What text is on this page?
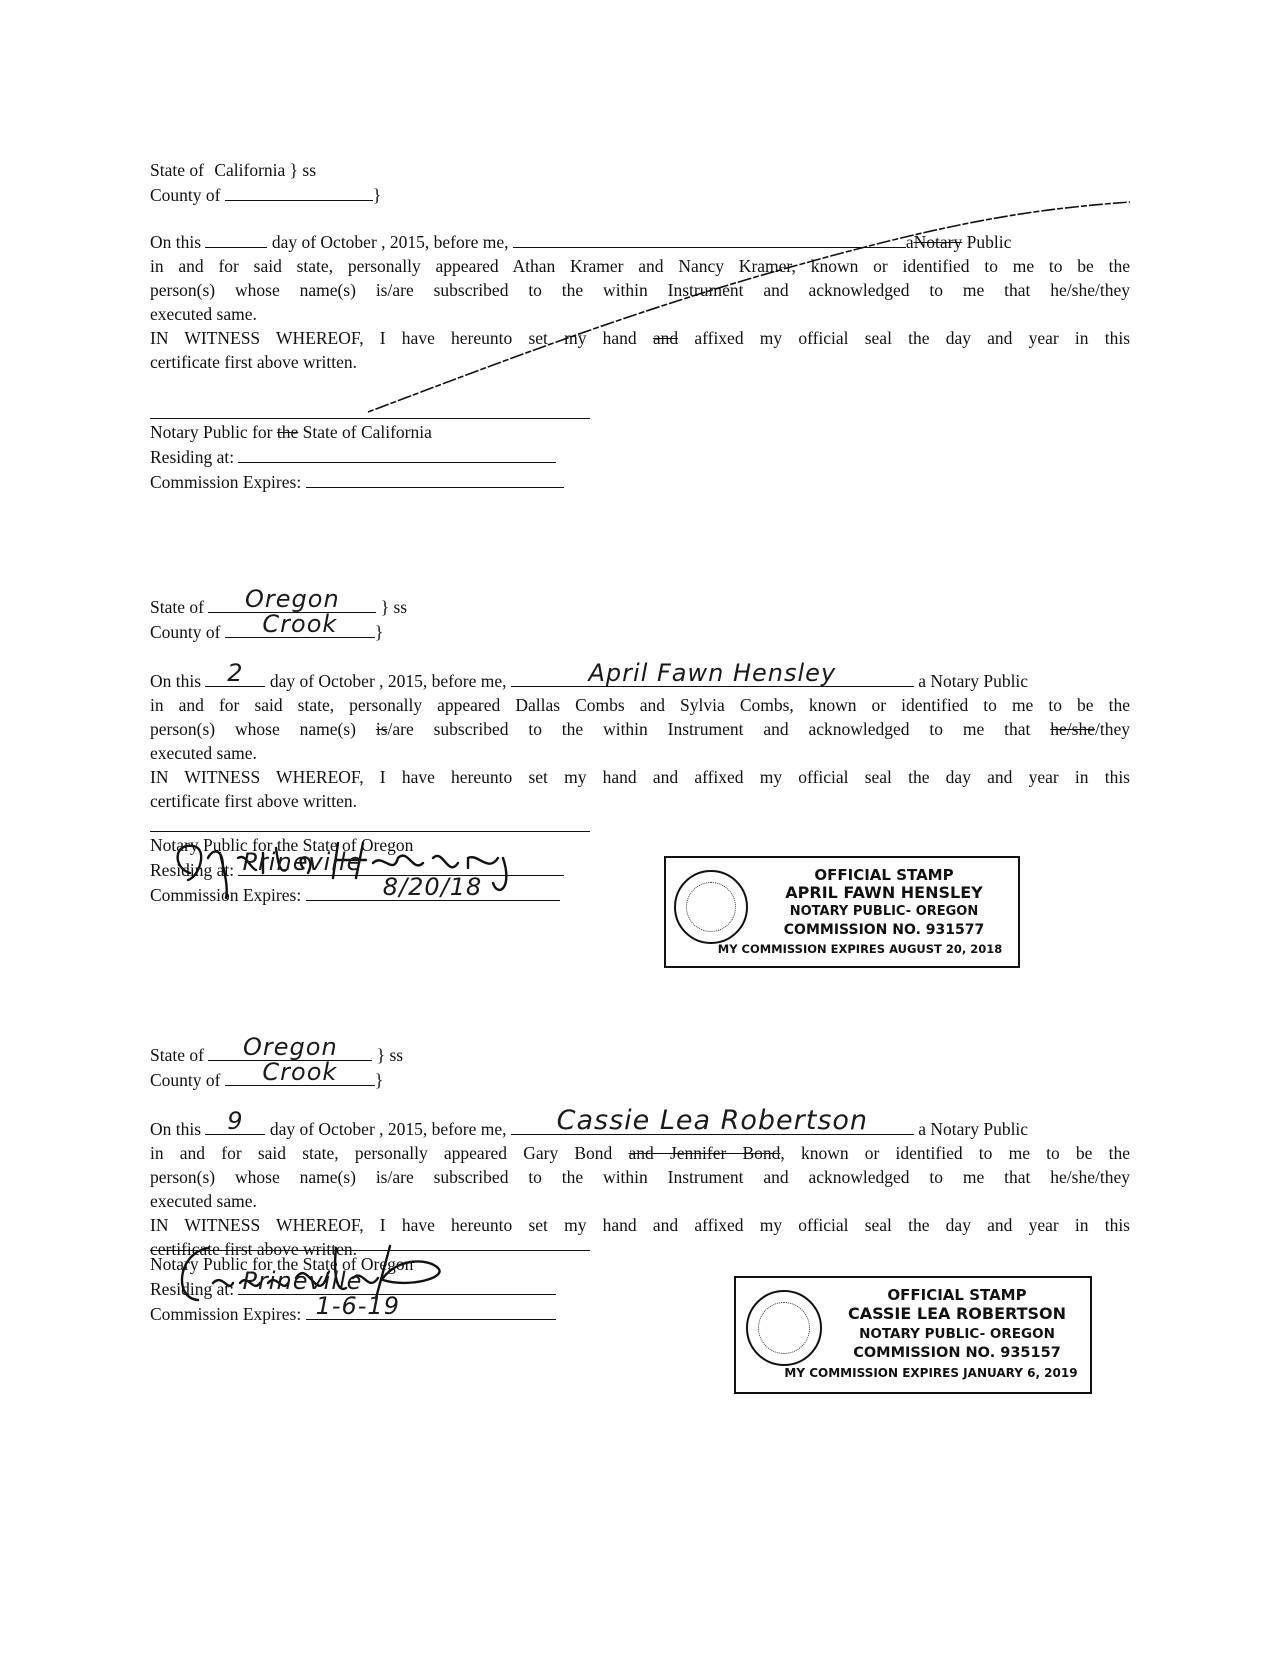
State of California } ss
County of	}
On this	day of October , 2015, before me,	aNotary Public
in and for said state, personally appeared Athan Kramer and Nancy Kramer, known or identified to me to be the
person(s) whose name(s) is/are subscribed to the within Instrument and acknowledged to me that he/she/they
executed same.
IN WITNESS WHEREOF, I have hereunto set my hand and affixed my official seal the day and year in this
certificate first above written.
Notary Public for the State of California
Residing at:
Commission Expires:
State of	Oregon	} ss
County of	Crook	}
On this	2	day of October , 2015, before me,	April Fawn Hensley	a Notary Public
in and for said state, personally appeared Dallas Combs and Sylvia Combs, known or identified to me to be the
person(s) whose name(s) is/are subscribed to the within Instrument and acknowledged to me that he/she/they
executed same.
IN WITNESS WHEREOF, I have hereunto set my hand and affixed my official seal the day and year in this
certificate first above written.
Notary Public for the State of Oregon
Residing at: Prineville
Commission Expires:	8/20/18	OFFICIAL STAMP
APRIL FAWN HENSLEY
NOTARY PUBLIC- OREGON
COMMISSION NO. 931577
MY COMMISSION EXPIRES AUGUST 20, 2018
State of	Oregon	} ss
County of	Crook	}
On this	9	day of October , 2015, before me,	Cassie Lea Robertson	a Notary Public
in and for said state, personally appeared Gary Bond and Jennifer Bond, known or identified to me to be the
person(s) whose name(s) is/are subscribed to the within Instrument and acknowledged to me that he/she/they
executed same.
IN WITNESS WHEREOF, I have hereunto set my hand and affixed my official seal the day and year in this
certificate first above written.
Notary Public for the State of Oregon
Residing at: Prineville
Commission Expires: 1-6-19	OFFICIAL STAMP
CASSIE LEA ROBERTSON
NOTARY PUBLIC- OREGON
COMMISSION NO. 935157
MY COMMISSION EXPIRES JANUARY 6, 2019
